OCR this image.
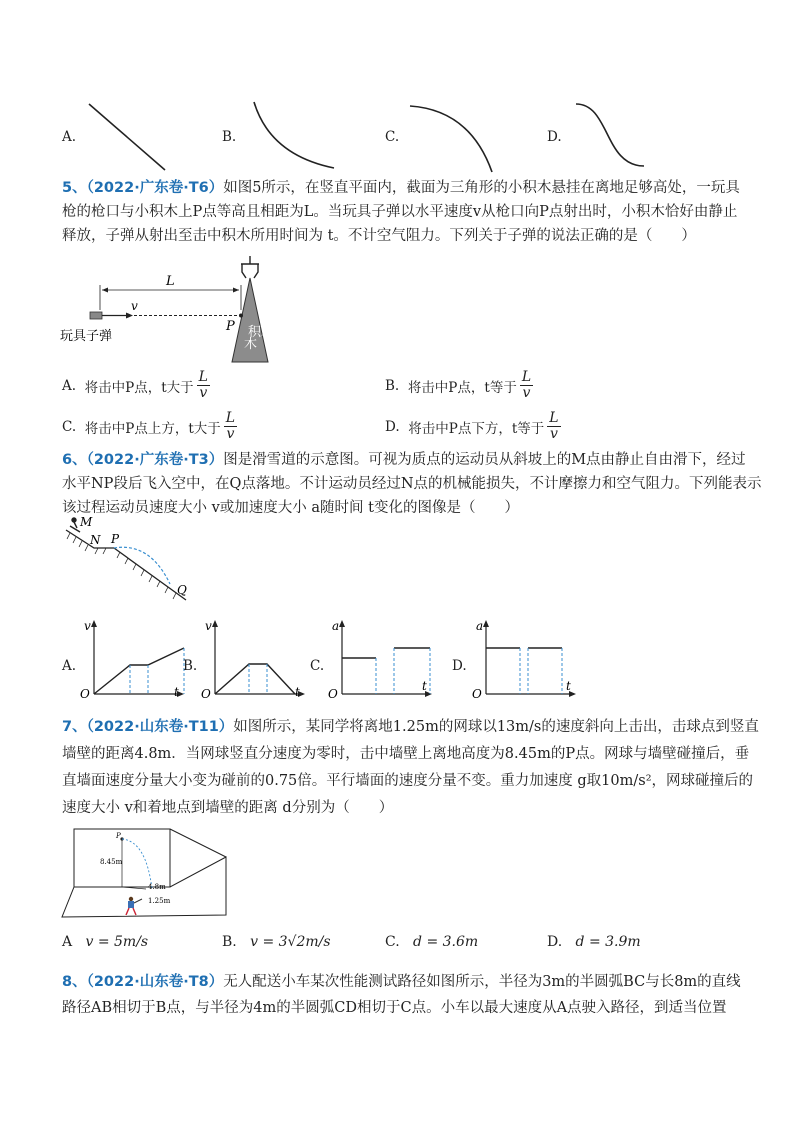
A.	B.	C.	D.

5、（2022·广东卷·T6）如图5所示，在竖直平面内，截面为三角形的小积木悬挂在离地足够高处，一玩具

枪的枪口与小积木上P点等高且相距为L。当玩具子弹以水平速度v从枪口向P点射出时，小积木恰好由静止

释放，子弹从射出至击中积木所用时间为 t。不计空气阻力。下列关于子弹的说法正确的是（　　）

积木
L
v
P
玩具子弹
木
A.
将击中P点，t大于 $\frac{L}{v}$	B.
将击中P点，t等于 $\frac{L}{v}$
C.
将击中P点上方，t大于 $\frac{L}{v}$	D.
将击中P点下方，t等于 $\frac{L}{v}$

6、（2022·广东卷·T3）图是滑雪道的示意图。可视为质点的运动员从斜坡上的M点由静止自由滑下，经过

水平NP段后飞入空中，在Q点落地。不计运动员经过N点的机械能损失，不计摩擦力和空气阻力。下列能表示

该过程运动员速度大小 v或加速度大小 a随时间 t变化的图像是（　　）

M
N P
Q
A.
v
t
O
B.
v
t
O
C.
a
t
O
D.
a
t
O

7、（2022·山东卷·T11）如图所示，某同学将离地1.25m的网球以13m/s的速度斜向上击出，击球点到竖直

墙壁的距离4.8m．当网球竖直分速度为零时，击中墙壁上离地高度为8.45m的P点。网球与墙壁碰撞后，垂

直墙面速度分量大小变为碰前的0.75倍。平行墙面的速度分量不变。重力加速度 g取10m/s²，网球碰撞后的

速度大小 v和着地点到墙壁的距离 d分别为（　　）

P
8.45m
4.8m
1.25m
A
v = 5m/s	B.
v = 3√2m/s	C.
d = 3.6m	D.
d = 3.9m

8、（2022·山东卷·T8）无人配送小车某次性能测试路径如图所示，半径为3m的半圆弧BC与长8m的直线

路径AB相切于B点，与半径为4m的半圆弧CD相切于C点。小车以最大速度从A点驶入路径，到适当位置
